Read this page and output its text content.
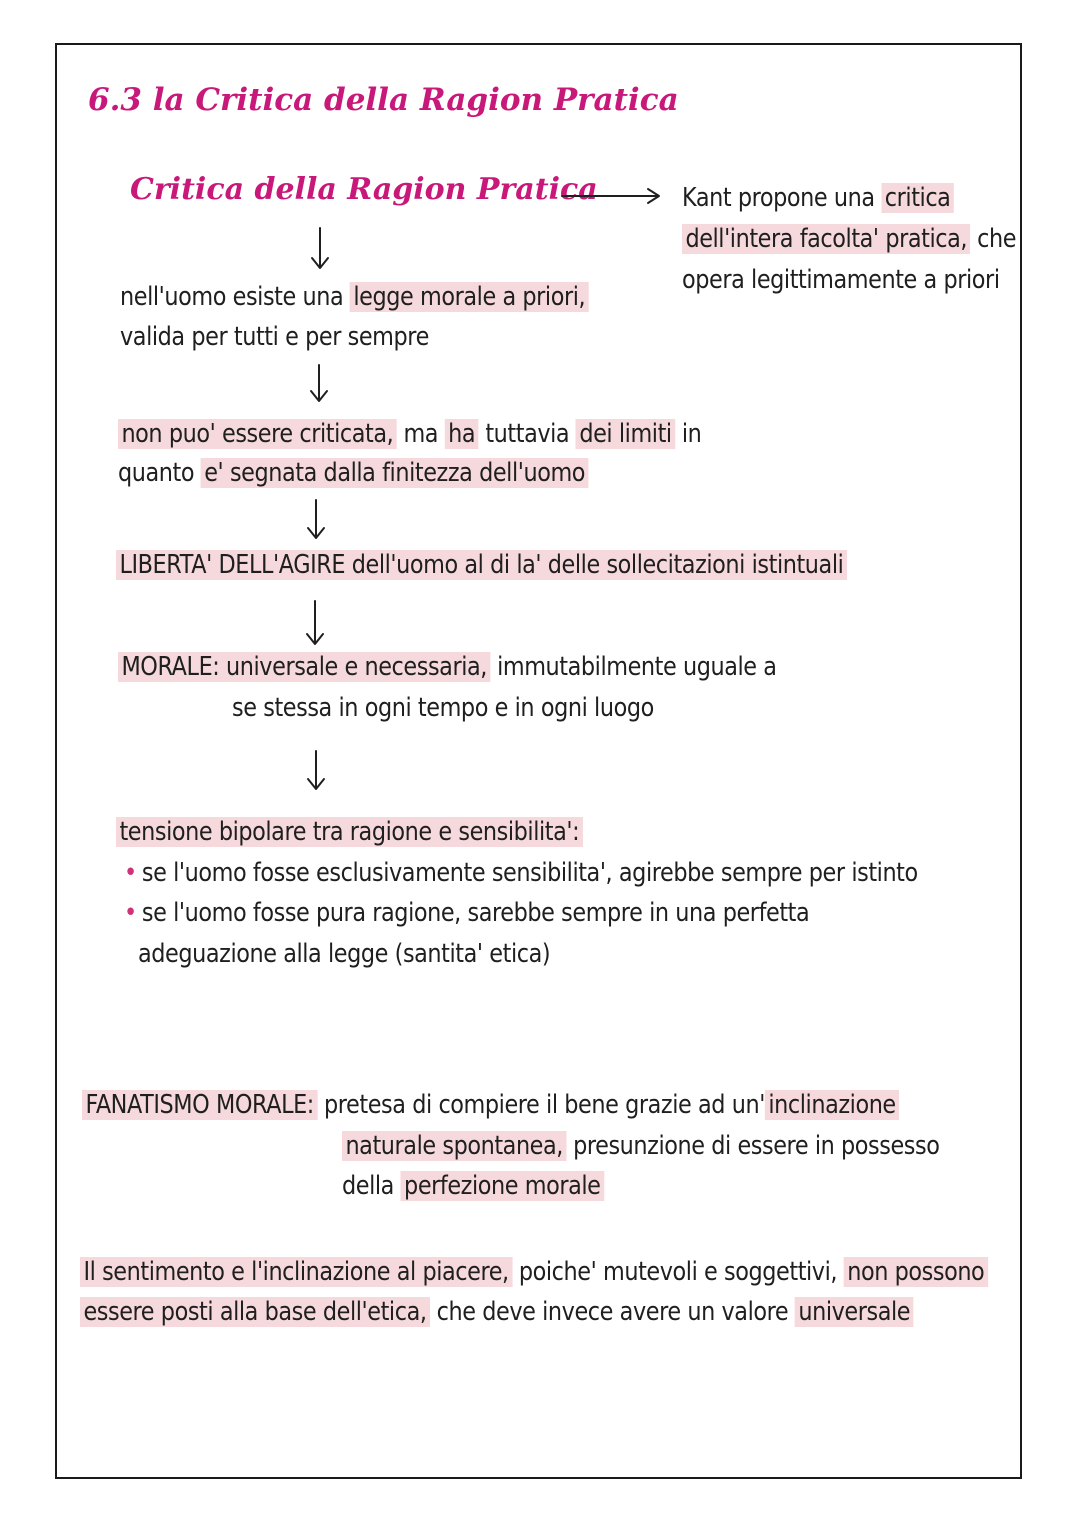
6.3 la Critica della Ragion Pratica
Critica della Ragion Pratica	Kant propone una critica
dell'intera facolta' pratica, che
opera legittimamente a priori
nell'uomo esiste una legge morale a priori,
valida per tutti e per sempre
non puo' essere criticata, ma ha tuttavia dei limiti in
quanto e' segnata dalla finitezza dell'uomo
LIBERTA' DELL'AGIRE dell'uomo al di la' delle sollecitazioni istintuali
MORALE: universale e necessaria, immutabilmente uguale a
se stessa in ogni tempo e in ogni luogo
tensione bipolare tra ragione e sensibilita':
• se l'uomo fosse esclusivamente sensibilita', agirebbe sempre per istinto
• se l'uomo fosse pura ragione, sarebbe sempre in una perfetta
adeguazione alla legge (santita' etica)
FANATISMO MORALE: pretesa di compiere il bene grazie ad un' inclinazione
naturale spontanea, presunzione di essere in possesso
della perfezione morale
Il sentimento e l'inclinazione al piacere, poiche' mutevoli e soggettivi, non possono
essere posti alla base dell'etica, che deve invece avere un valore universale
